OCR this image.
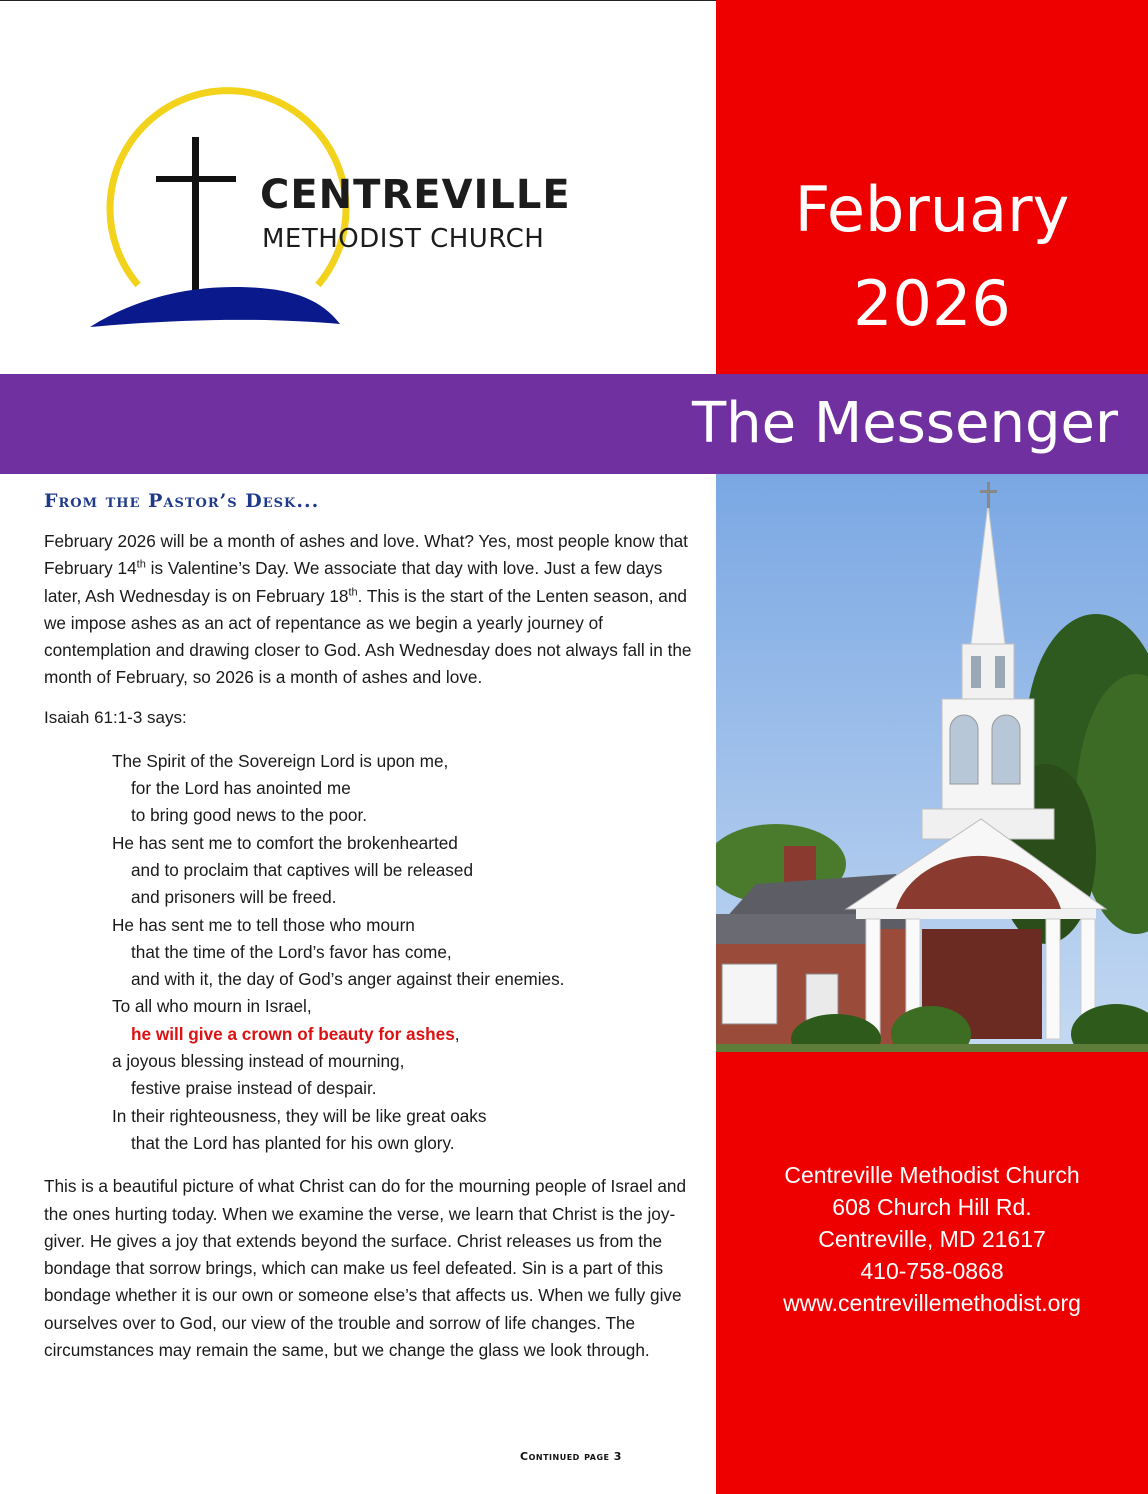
CENTREVILLE
METHODIST CHURCH	February
2026
The Messenger
From the Pastor’s Desk...

February 2026 will be a month of ashes and love. What? Yes, most people know that February 14th is Valentine’s Day. We associate that day with love. Just a few days later, Ash Wednesday is on February 18th. This is the start of the Lenten season, and we impose ashes as an act of repentance as we begin a yearly journey of contemplation and drawing closer to God. Ash Wednesday does not always fall in the month of February, so 2026 is a month of ashes and love.

Isaiah 61:1-3 says:

The Spirit of the Sovereign Lord is upon me,
for the Lord has anointed me
to bring good news to the poor.
He has sent me to comfort the brokenhearted
and to proclaim that captives will be released
and prisoners will be freed.
He has sent me to tell those who mourn
that the time of the Lord’s favor has come,
and with it, the day of God’s anger against their enemies.
To all who mourn in Israel,
he will give a crown of beauty for ashes,
a joyous blessing instead of mourning,
festive praise instead of despair.
In their righteousness, they will be like great oaks
that the Lord has planted for his own glory.

This is a beautiful picture of what Christ can do for the mourning people of Israel and the ones hurting today. When we examine the verse, we learn that Christ is the joy-giver. He gives a joy that extends beyond the surface. Christ releases us from the bondage that sorrow brings, which can make us feel defeated. Sin is a part of this bondage whether it is our own or someone else’s that affects us. When we fully give ourselves over to God, our view of the trouble and sorrow of life changes. The circumstances may remain the same, but we change the glass we look through.

Continued page 3
Centreville Methodist Church
608 Church Hill Rd.
Centreville, MD 21617
410-758-0868
www.centrevillemethodist.org
